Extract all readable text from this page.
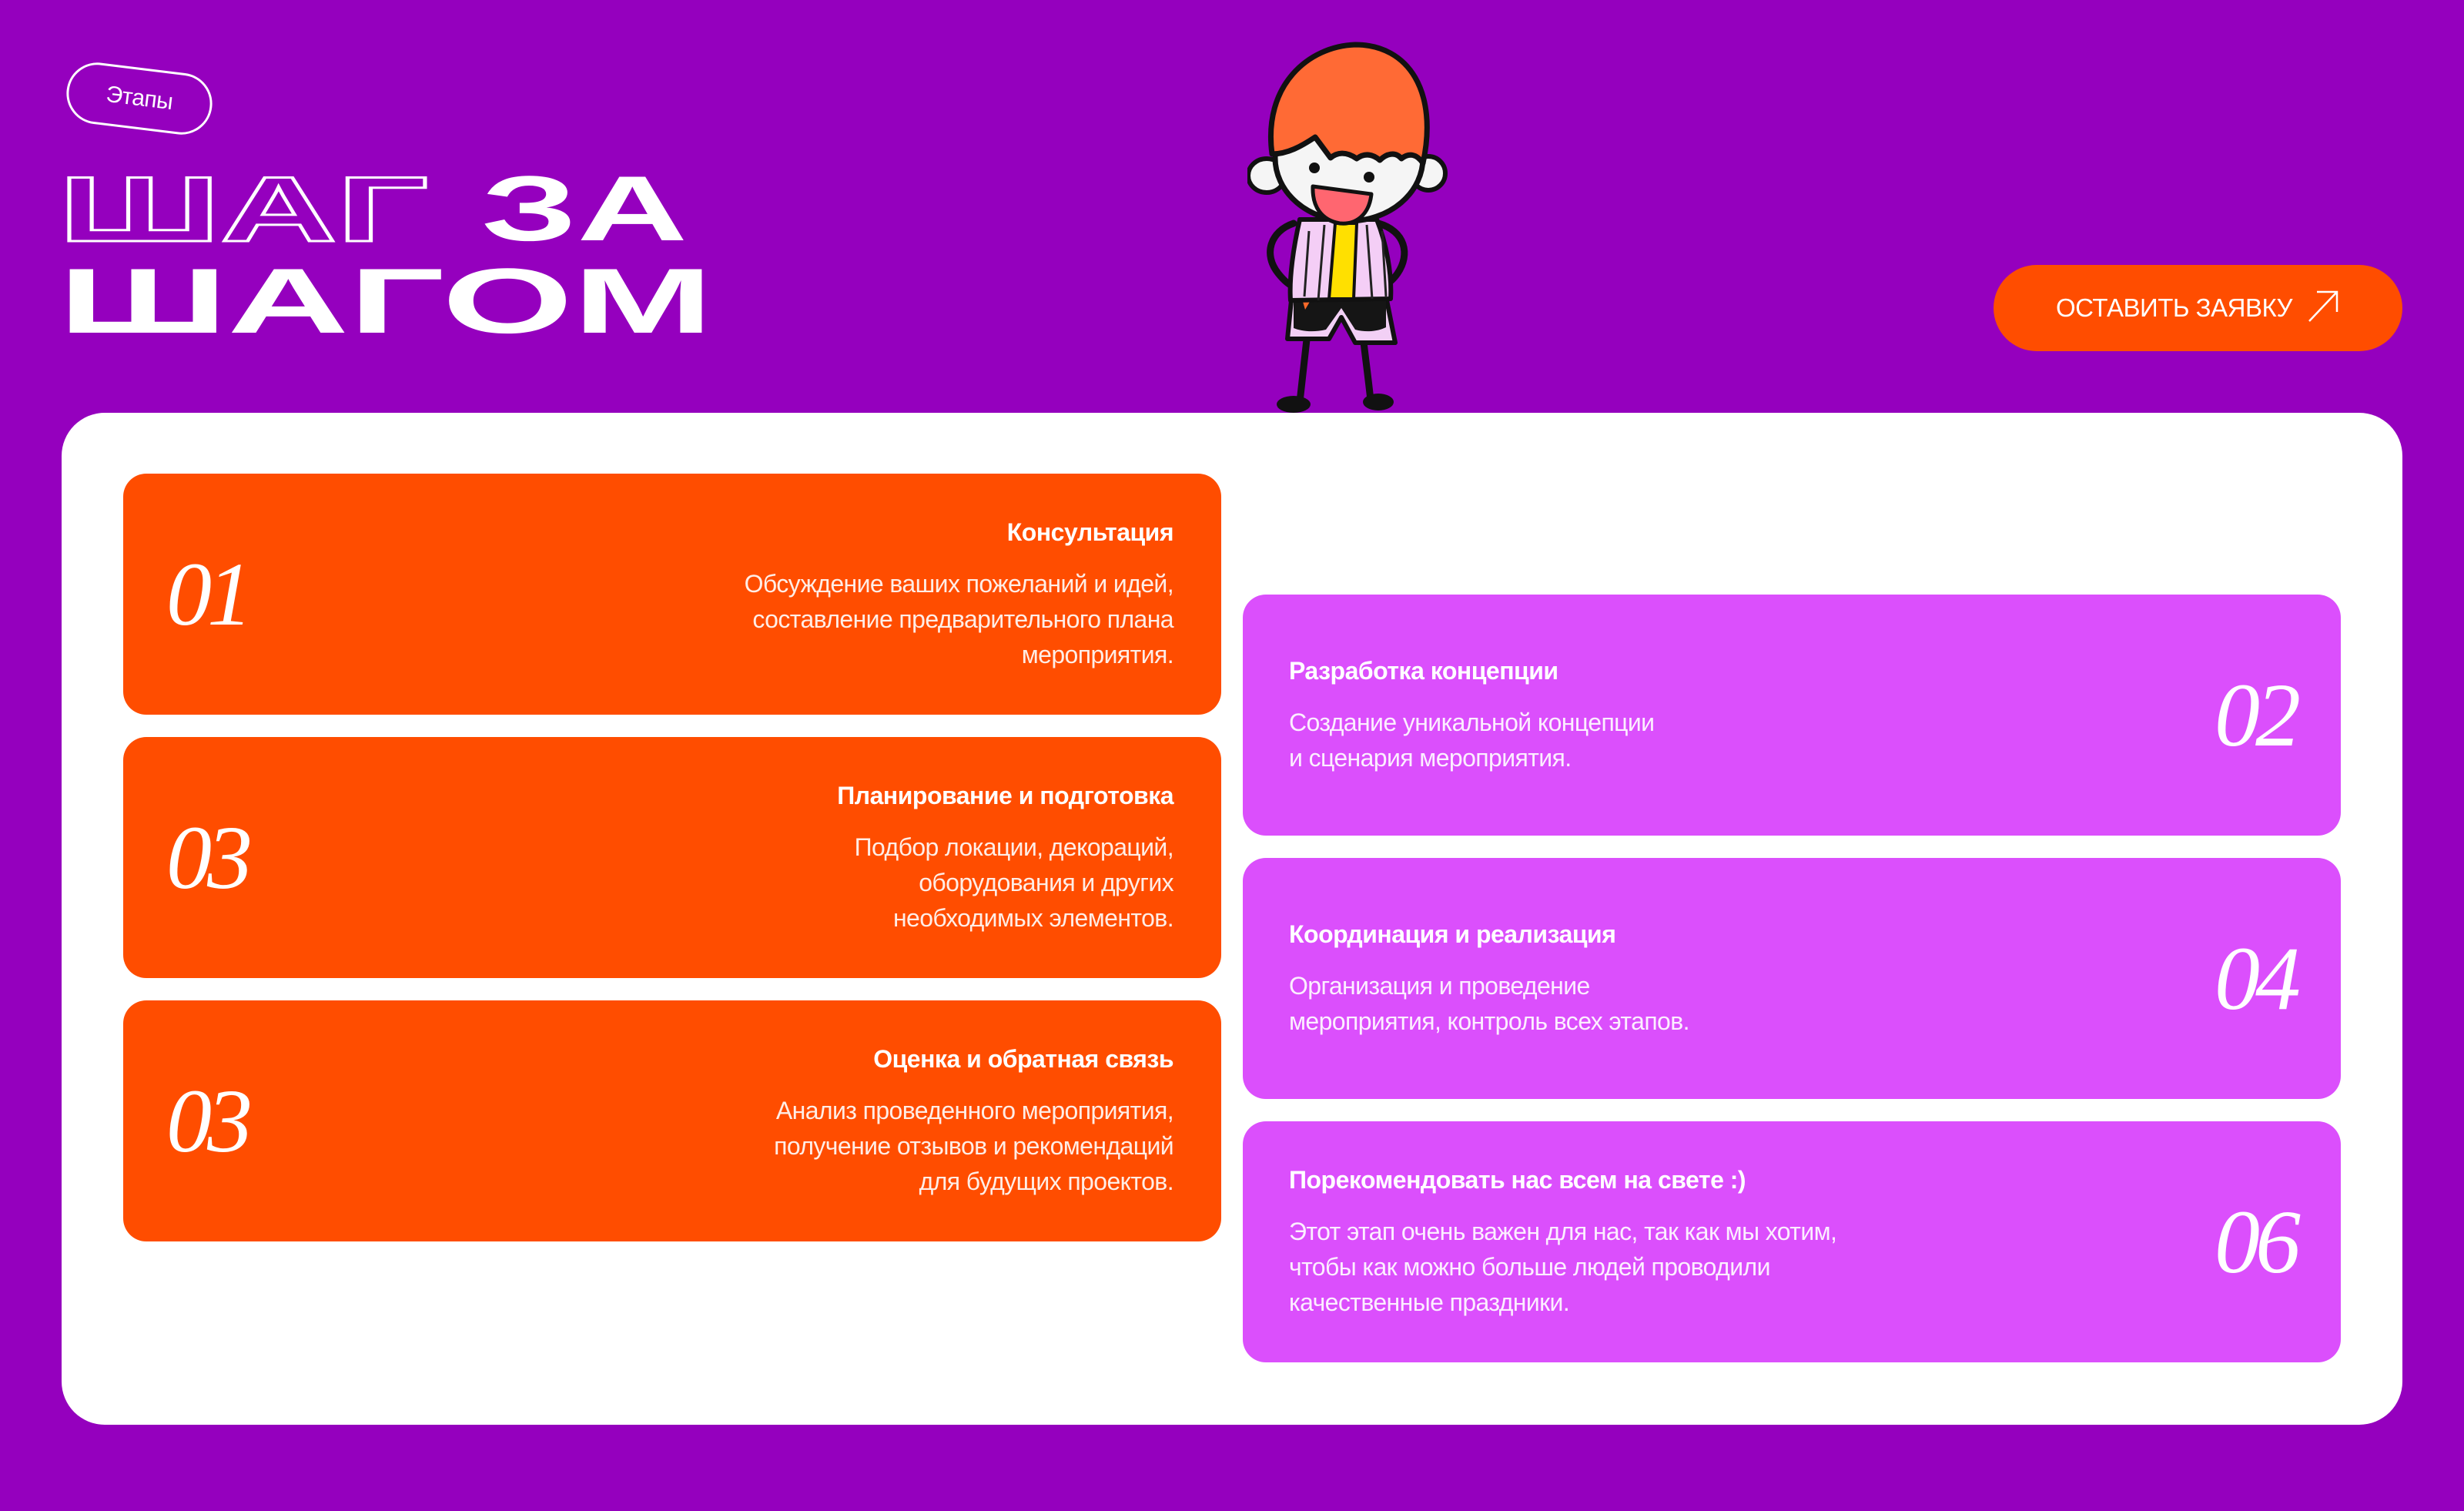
Этапы
ШАГ ЗА
ШАГОМ	ОСТАВИТЬ ЗАЯВКУ
01
Консультация
Обсуждение ваших пожеланий и идей,
составление предварительного плана
мероприятия.
Разработка концепции
Создание уникальной концепции
и сценария мероприятия.	02
03
Планирование и подготовка
Подбор локации, декораций,
оборудования и других
необходимых элементов.
Координация и реализация
Организация и проведение
мероприятия, контроль всех этапов.	04
03
Оценка и обратная связь
Анализ проведенного мероприятия,
получение отзывов и рекомендаций
для будущих проектов.	Порекомендовать нас всем на свете :)
Этот этап очень важен для нас, так как мы хотим,
чтобы как можно больше людей проводили
качественные праздники.
06
